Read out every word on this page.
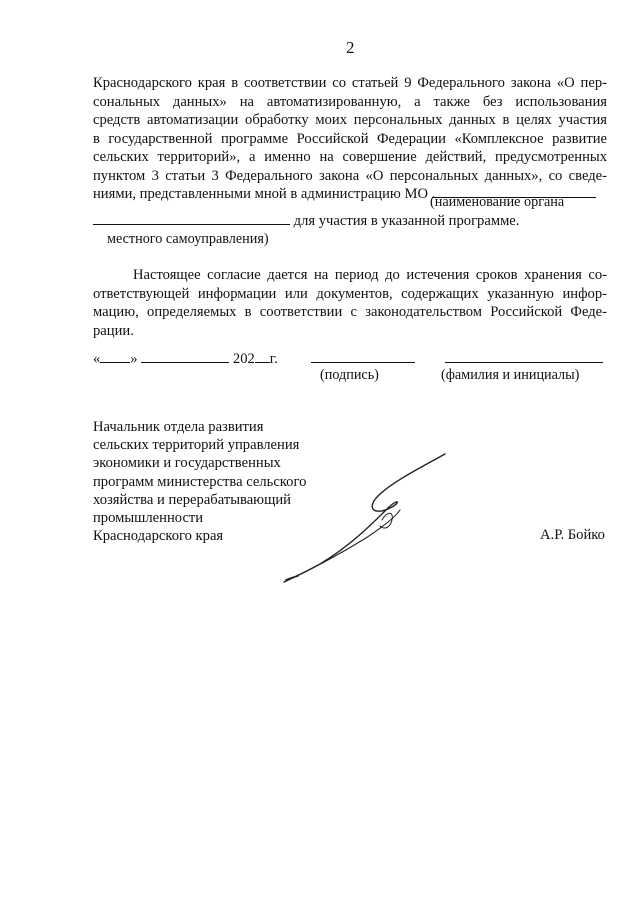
2
Краснодарского края в соответствии со статьей 9 Федерального закона «О пер-
сональных данных» на автоматизированную, а также без использования
средств автоматизации обработку моих персональных данных в целях участия
в государственной программе Российской Федерации «Комплексное развитие
сельских территорий», а именно на совершение действий, предусмотренных
пунктом 3 статьи 3 Федерального закона «О персональных данных», со сведе-
ниями, представленными мной в администрацию МО (наименование органа
для участия в указанной программе.
местного самоуправления)
Настоящее согласие дается на период до истечения сроков хранения со-
ответствующей информации или документов, содержащих указанную инфор-
мацию, определяемых в соответствии с законодательством Российской Феде-
рации.
« »	202 г.
(подпись)	(фамилия и инициалы)
Начальник отдела развития
сельских территорий управления
экономики и государственных
программ министерства сельского
хозяйства и перерабатывающий
промышленности
Краснодарского края	А.Р. Бойко
